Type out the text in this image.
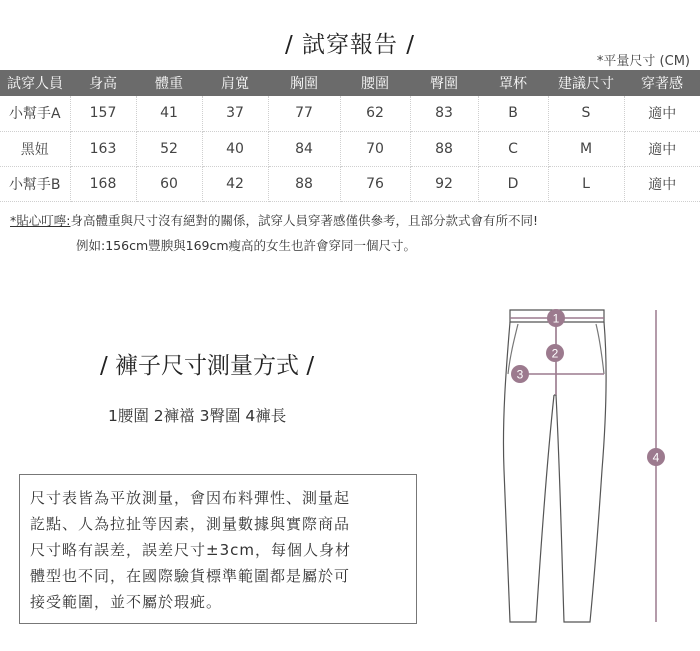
/ 試穿報告 /
*平量尺寸 (CM)
試穿人員	身高	體重	肩寬	胸圍	腰圍	臀圍	罩杯	建議尺寸	穿著感
小幫手A	157	41	37	77	62	83	B	S	適中
黑妞	163	52	40	84	70	88	C	M	適中
小幫手B	168	60	42	88	76	92	D	L	適中
*貼心叮嚀:身高體重與尺寸沒有絕對的關係，試穿人員穿著感僅供參考，且部分款式會有所不同!
例如:156cm豐腴與169cm瘦高的女生也許會穿同一個尺寸。
/ 褲子尺寸測量方式 /
1腰圍 2褲襠 3臀圍 4褲長
尺寸表皆為平放測量，會因布料彈性、測量起
訖點、人為拉扯等因素，測量數據與實際商品
尺寸略有誤差，誤差尺寸±3cm，每個人身材
體型也不同，在國際驗貨標準範圍都是屬於可
接受範圍，並不屬於瑕疵。
1
2
3
4
